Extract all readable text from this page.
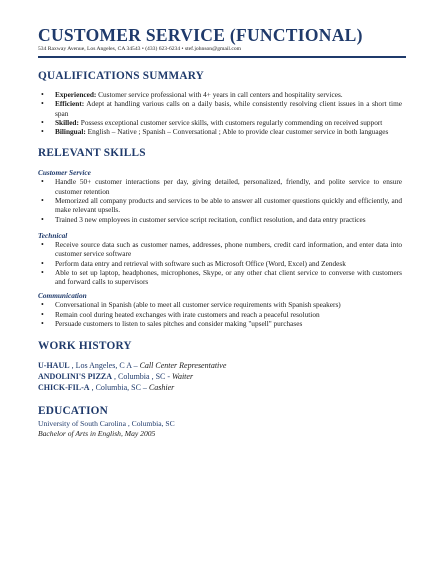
CUSTOMER SERVICE (FUNCTIONAL)
534 Raxway Avenue, Los Angeles, CA 34543 • (433) 623-6234 • stef.johnson@gmail.com
QUALIFICATIONS SUMMARY
• Experienced: Customer service professional with 4+ years in call centers and hospitality services.
• Efficient: Adept at handling various calls on a daily basis, while consistently resolving client issues in a short time span
• Skilled: Possess exceptional customer service skills, with customers regularly commending on received support
• Bilingual: English – Native ; Spanish – Conversational ; Able to provide clear customer service in both languages
RELEVANT SKILLS
Customer Service
• Handle 50+ customer interactions per day, giving detailed, personalized, friendly, and polite service to ensure customer retention
• Memorized all company products and services to be able to answer all customer questions quickly and efficiently, and make relevant upsells.
• Trained 3 new employees in customer service script recitation, conflict resolution, and data entry practices
Technical
• Receive source data such as customer names, addresses, phone numbers, credit card information, and enter data into customer service software
• Perform data entry and retrieval with software such as Microsoft Office (Word, Excel) and Zendesk
• Able to set up laptop, headphones, microphones, Skype, or any other chat client service to converse with customers and forward calls to supervisors
Communication
• Conversational in Spanish (able to meet all customer service requirements with Spanish speakers)
• Remain cool during heated exchanges with irate customers and reach a peaceful resolution
• Persuade customers to listen to sales pitches and consider making "upsell" purchases
WORK HISTORY
U-HAUL , Los Angeles, C A – Call Center Representative
ANDOLINI'S PIZZA , Columbia , SC - Waiter
CHICK-FIL-A , Columbia, SC – Cashier
EDUCATION
University of South Carolina , Columbia, SC
Bachelor of Arts in English, May 2005
